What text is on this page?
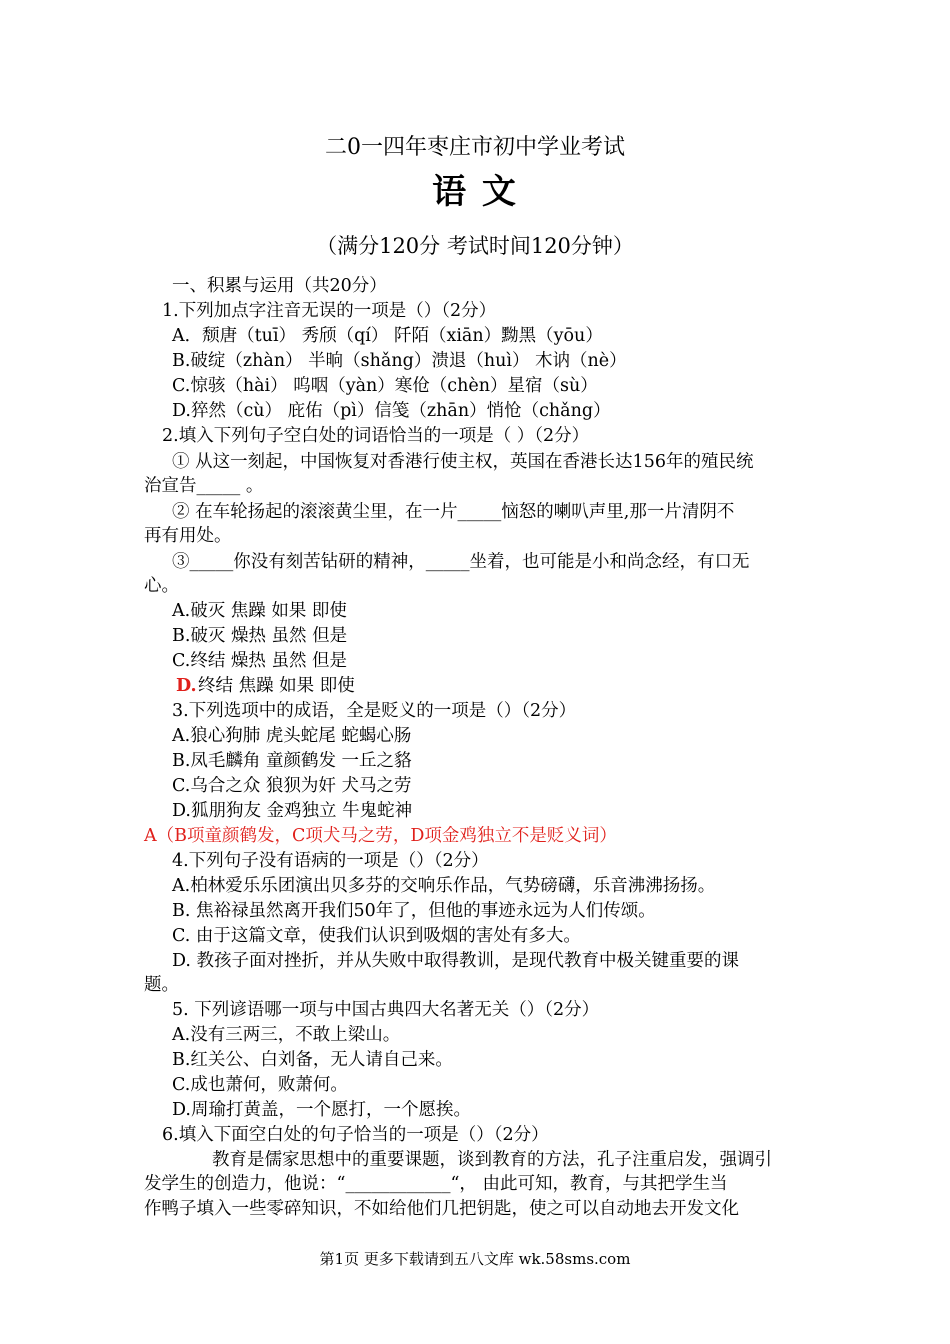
二0一四年枣庄市初中学业考试
语 文
（满分120分 考试时间120分钟）
一、积累与运用（共20分）
1.下列加点字注音无误的一项是（）（2分）
A．颓唐（tuī） 秀颀（qí） 阡陌（xiān）黝黑（yōu）
B.破绽（zhàn） 半晌（shǎng）溃退（huì） 木讷（nè）
C.惊骇（hài） 呜咽（yàn）寒伧（chèn）星宿（sù）
D.猝然（cù） 庇佑（pì）信笺（zhān）悄怆（chǎng）
2.填入下列句子空白处的词语恰当的一项是（ ）（2分）
① 从这一刻起，中国恢复对香港行使主权，英国在香港长达156年的殖民统
治宣告_____ 。
② 在车轮扬起的滚滚黄尘里，在一片_____恼怒的喇叭声里,那一片清阴不
再有用处。
③_____你没有刻苦钻研的精神，_____坐着，也可能是小和尚念经，有口无
心。
A.破灭 焦躁 如果 即使
B.破灭 燥热 虽然 但是
C.终结 燥热 虽然 但是
D. 终结 焦躁 如果 即使
3.下列选项中的成语，全是贬义的一项是（）（2分）
A.狼心狗肺 虎头蛇尾 蛇蝎心肠
B.凤毛麟角 童颜鹤发 一丘之貉
C.乌合之众 狼狈为奸 犬马之劳
D.狐朋狗友 金鸡独立 牛鬼蛇神
A（B项童颜鹤发，C项犬马之劳，D项金鸡独立不是贬义词）
4.下列句子没有语病的一项是（）（2分）
A.柏林爱乐乐团演出贝多芬的交响乐作品，气势磅礴，乐音沸沸扬扬。
B. 焦裕禄虽然离开我们50年了，但他的事迹永远为人们传颂。
C. 由于这篇文章，使我们认识到吸烟的害处有多大。
D. 教孩子面对挫折，并从失败中取得教训，是现代教育中极关键重要的课
题。
5. 下列谚语哪一项与中国古典四大名著无关（）（2分）
A.没有三两三，不敢上梁山。
B.红关公、白刘备，无人请自己来。
C.成也萧何，败萧何。
D.周瑜打黄盖，一个愿打，一个愿挨。
6.填入下面空白处的句子恰当的一项是（）（2分）
教育是儒家思想中的重要课题，谈到教育的方法，孔子注重启发，强调引
发学生的创造力，他说：“____________“， 由此可知，教育，与其把学生当
作鸭子填入一些零碎知识，不如给他们几把钥匙，使之可以自动地去开发文化
第1页 更多下载请到五八文库 wk.58sms.com
